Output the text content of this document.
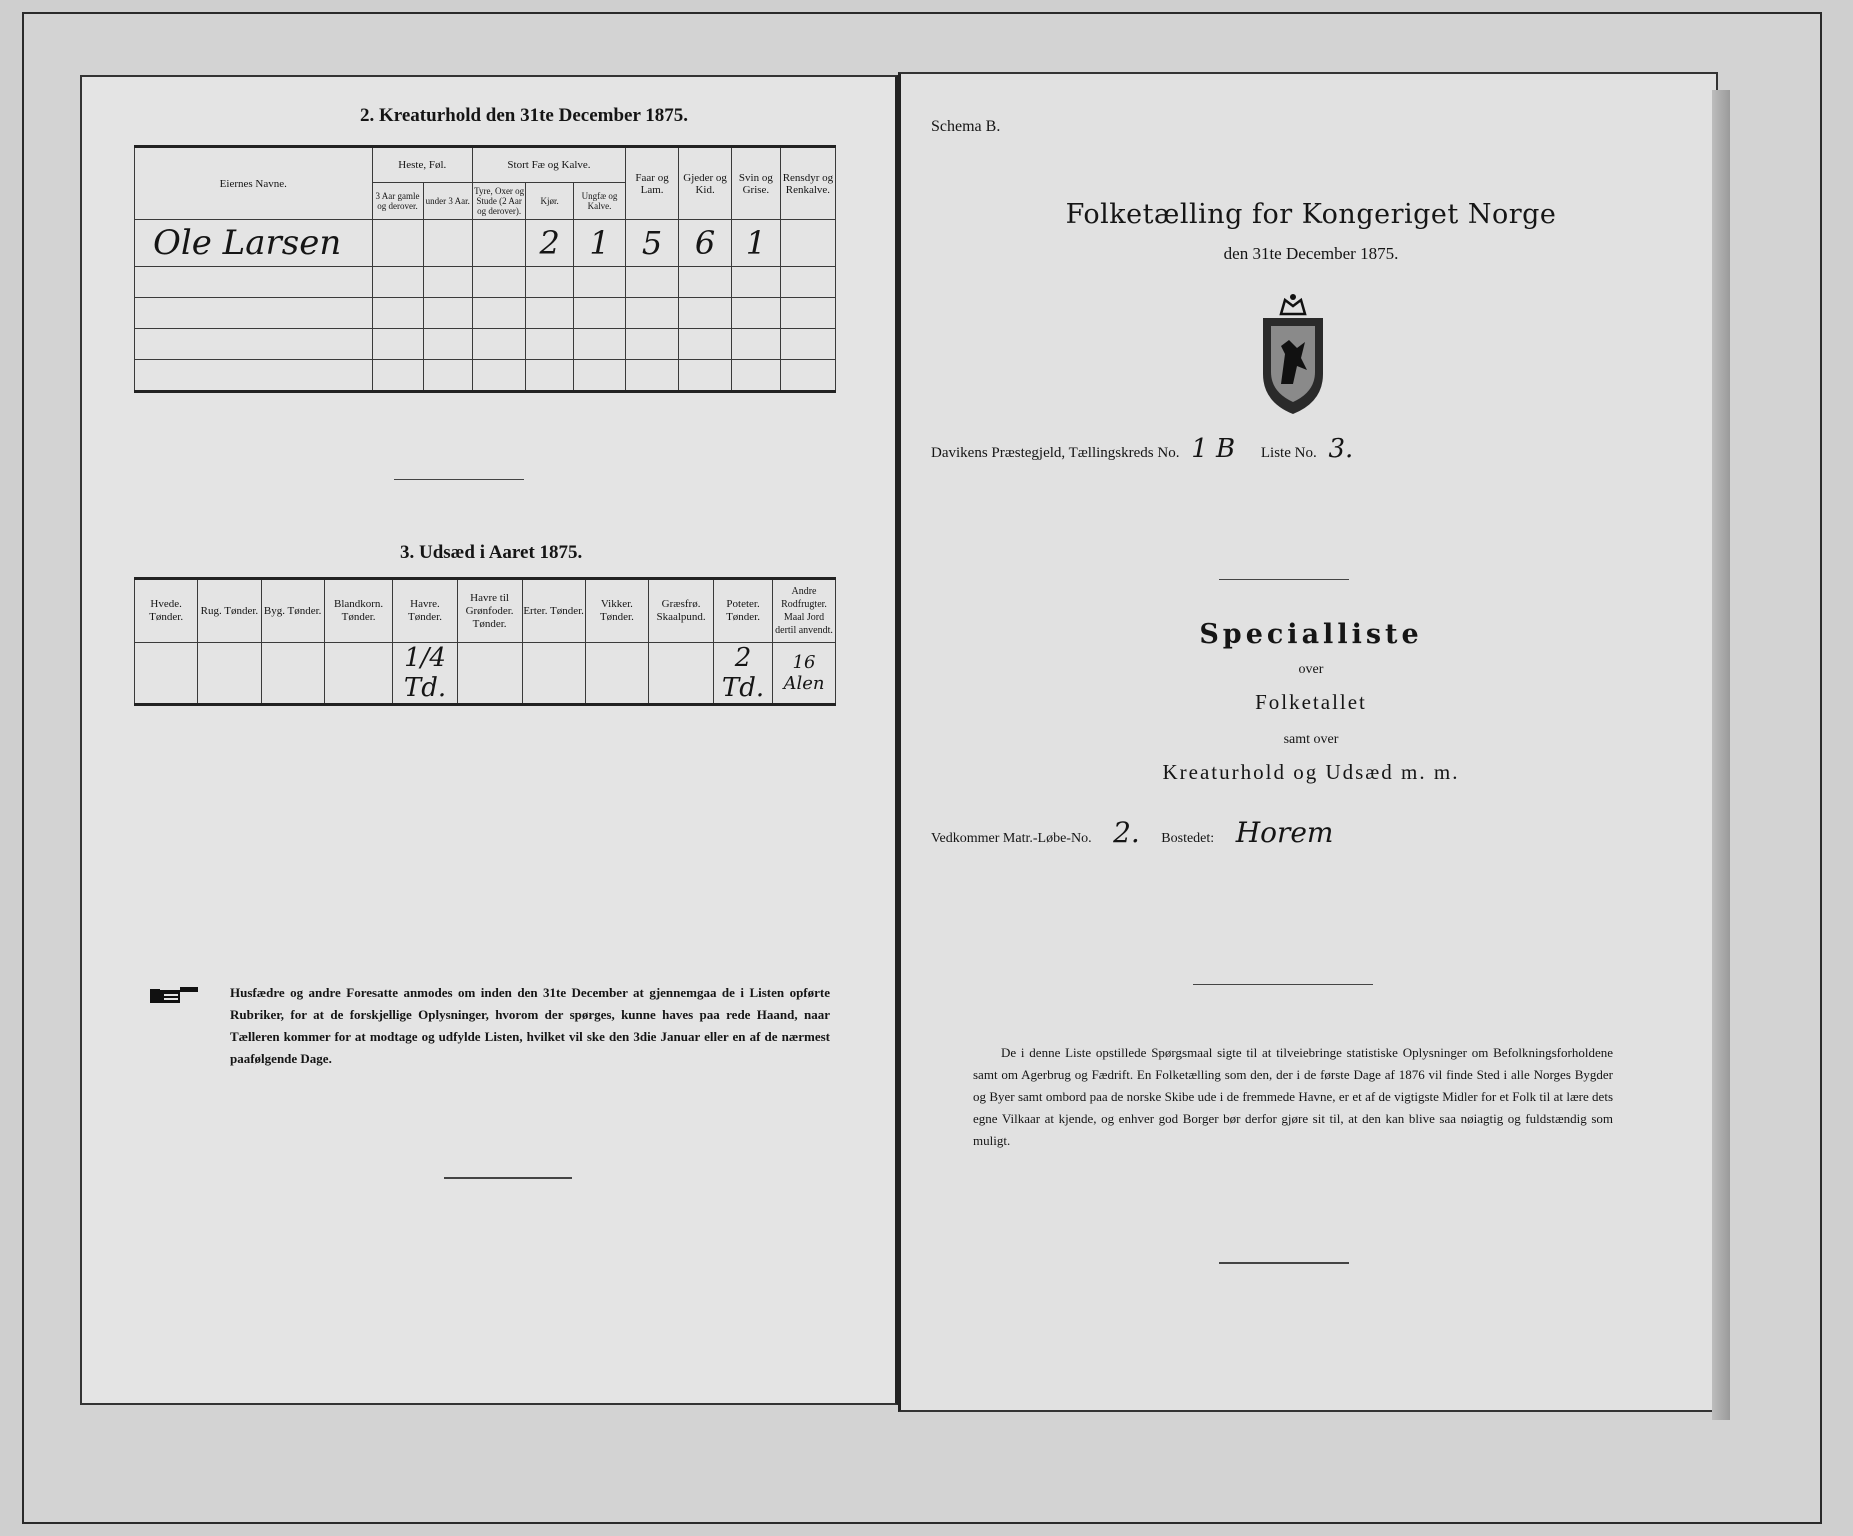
2. Kreaturhold den 31te December 1875.
Eiernes Navne.	Heste, Føl.		Stort Fæ og Kalve.			Faar og Lam.	Gjeder og Kid.	Svin og Grise.	Rensdyr og Renkalve.
	3 Aar gamle og derover.	under 3 Aar.	Tyre, Oxer og Stude (2 Aar og derover).	Kjør.	Ungfæ og Kalve.				
Ole Larsen				2	1	5	6	1	

3. Udsæd i Aaret 1875.
Hvede. Tønder.	Rug. Tønder.	Byg. Tønder.	Blandkorn. Tønder.	Havre. Tønder.	Havre til Grønfoder. Tønder.	Erter. Tønder.	Vikker. Tønder.	Græsfrø. Skaalpund.	Poteter. Tønder.	Andre Rodfrugter. Maal Jord dertil anvendt.
				1/4 Td.					2 Td.	16 Alen
Husfædre og andre Foresatte anmodes om inden den 31te December at gjennemgaa de i Listen opførte Rubriker, for at de forskjellige Oplysninger, hvorom der spørges, kunne haves paa rede Haand, naar Tælleren kommer for at modtage og udfylde Listen, hvilket vil ske den 3die Januar eller en af de nærmest paafølgende Dage.
Schema B.
Folketælling for Kongeriget Norge
den 31te December 1875.
Davikens Præstegjeld, Tællingskreds No. 1 B Liste No. 3.
Specialliste
over
Folketallet
samt over
Kreaturhold og Udsæd m. m.
Vedkommer Matr.-Løbe-No. 2. Bostedet: Horem
De i denne Liste opstillede Spørgsmaal sigte til at tilveiebringe statistiske Oplysninger om Befolkningsforholdene samt om Agerbrug og Fædrift. En Folketælling som den, der i de første Dage af 1876 vil finde Sted i alle Norges Bygder og Byer samt ombord paa de norske Skibe ude i de fremmede Havne, er et af de vigtigste Midler for et Folk til at lære dets egne Vilkaar at kjende, og enhver god Borger bør derfor gjøre sit til, at den kan blive saa nøiagtig og fuldstændig som muligt.
